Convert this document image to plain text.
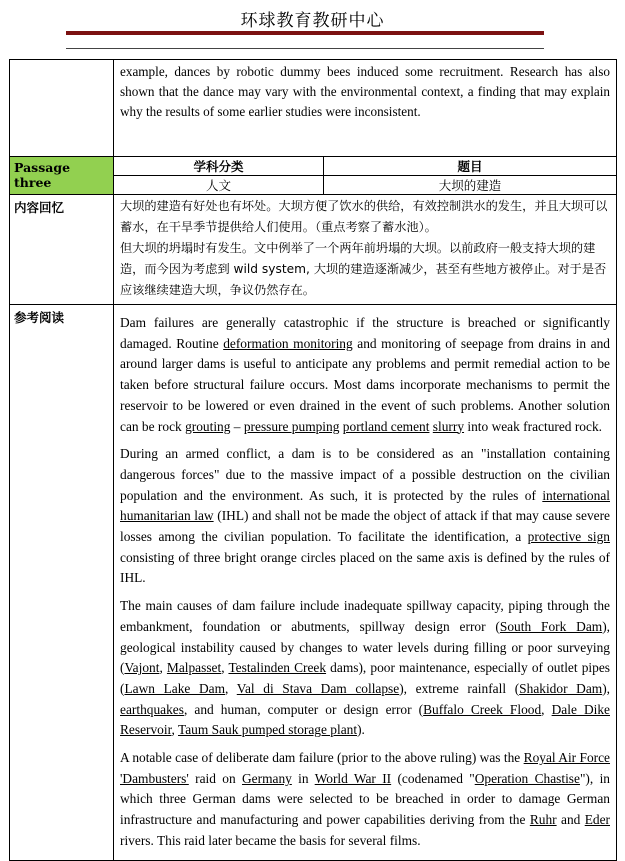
环球教育教研中心

	example, dances by robotic dummy bees induced some recruitment. Research has also shown that the dance may vary with the environmental context, a finding that may explain why the results of some earlier studies were inconsistent.	

Passage three	学科分类	题目
	人文	大坝的建造
内容回忆	大坝的建造有好处也有坏处。大坝方便了饮水的供给，有效控制洪水的发生，并且大坝可以蓄水，在干旱季节提供给人们使用。（重点考察了蓄水池）。

但大坝的坍塌时有发生。文中例举了一个两年前坍塌的大坝。以前政府一般支持大坝的建造，而今因为考虑到 wild system, 大坝的建造逐渐减少，甚至有些地方被停止。对于是否应该继续建造大坝，争议仍然存在。	

参考阅读	Dam failures are generally catastrophic if the structure is breached or significantly damaged. Routine deformation monitoring and monitoring of seepage from drains in and around larger dams is useful to anticipate any problems and permit remedial action to be taken before structural failure occurs. Most dams incorporate mechanisms to permit the reservoir to be lowered or even drained in the event of such problems. Another solution can be rock grouting – pressure pumping portland cement slurry into weak fractured rock.

During an armed conflict, a dam is to be considered as an "installation containing dangerous forces" due to the massive impact of a possible destruction on the civilian population and the environment. As such, it is protected by the rules of international humanitarian law (IHL) and shall not be made the object of attack if that may cause severe losses among the civilian population. To facilitate the identification, a protective sign consisting of three bright orange circles placed on the same axis is defined by the rules of IHL.

The main causes of dam failure include inadequate spillway capacity, piping through the embankment, foundation or abutments, spillway design error (South Fork Dam), geological instability caused by changes to water levels during filling or poor surveying (Vajont, Malpasset, Testalinden Creek dams), poor maintenance, especially of outlet pipes (Lawn Lake Dam, Val di Stava Dam collapse), extreme rainfall (Shakidor Dam), earthquakes, and human, computer or design error (Buffalo Creek Flood, Dale Dike Reservoir, Taum Sauk pumped storage plant).

A notable case of deliberate dam failure (prior to the above ruling) was the Royal Air Force 'Dambusters' raid on Germany in World War II (codenamed "Operation Chastise"), in which three German dams were selected to be breached in order to damage German infrastructure and manufacturing and power capabilities deriving from the Ruhr and Eder rivers. This raid later became the basis for several films.	
